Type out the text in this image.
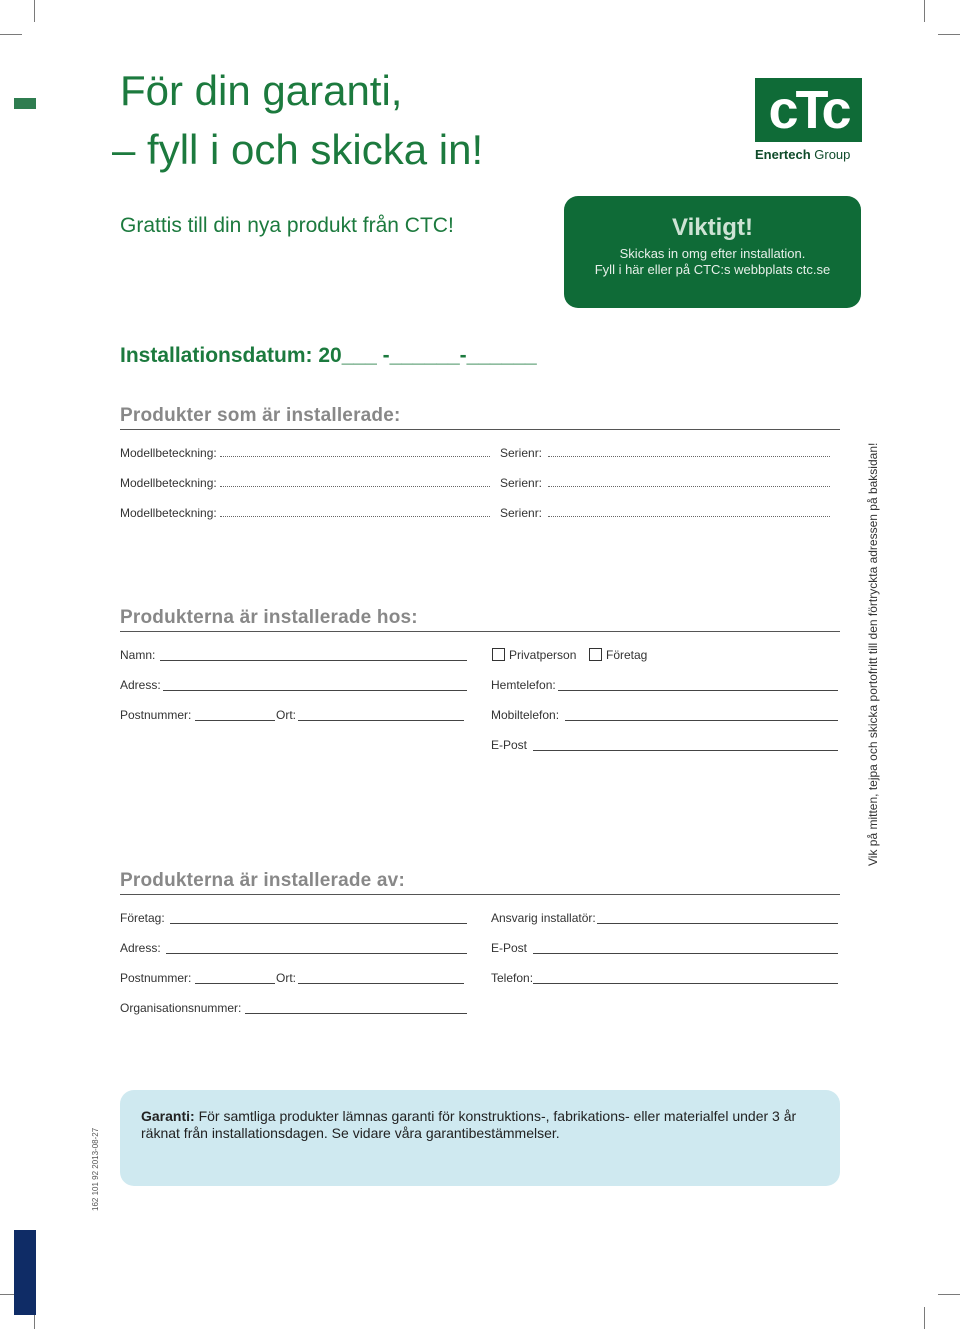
För din garanti,
– fyll i och skicka in!
Grattis till din nya produkt från CTC!
cTc
Enertech Group
Viktigt!
Skickas in omg efter installation.
Fyll i här eller på CTC:s webbplats ctc.se
Installationsdatum: 20___ -______-______
Produkter som är installerade:
Modellbeteckning:	Serienr:
Modellbeteckning:	Serienr:
Modellbeteckning:	Serienr:
Produkterna är installerade hos:
Namn:	Privatperson Företag
Adress:	Hemtelefon:
Postnummer:	Ort:	Mobiltelefon:
E-Post
Produkterna är installerade av:
Företag:	Ansvarig installatör:
Adress:	E-Post
Postnummer:	Ort:	Telefon:
Organisationsnummer:
Vik på mitten, tejpa och skicka portofritt till den förtryckta adressen på baksidan!
162 101 92 2013-08-27
Garanti: För samtliga produkter lämnas garanti för konstruktions-, fabrikations- eller materialfel under 3 år räknat från installationsdagen. Se vidare våra garantibestämmelser.
